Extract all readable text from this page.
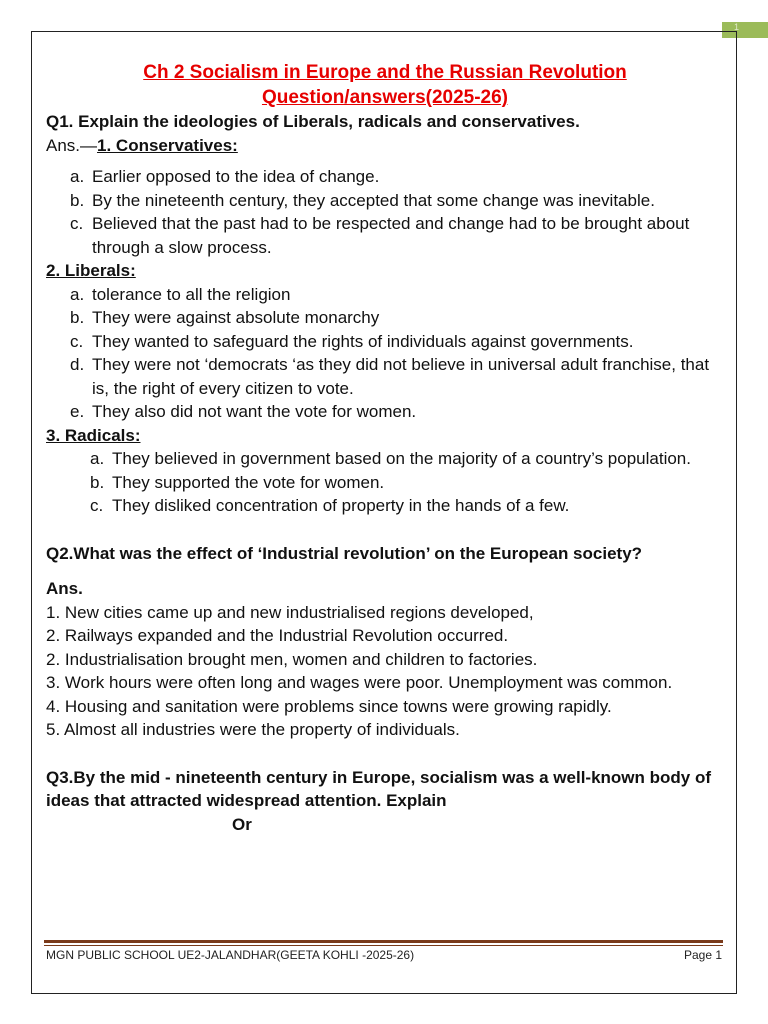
1
Ch 2 Socialism in Europe and the Russian Revolution
Question/answers(2025-26)

Q1. Explain the ideologies of Liberals, radicals and conservatives.

Ans.—1. Conservatives:

a. Earlier opposed to the idea of change.
b. By the nineteenth century, they accepted that some change was inevitable.
c. Believed that the past had to be respected and change had to be brought about through a slow process.

2. Liberals:

a. tolerance to all the religion
b. They were against absolute monarchy
c. They wanted to safeguard the rights of individuals against governments.
d. They were not ‘democrats ‘as they did not believe in universal adult franchise, that is, the right of every citizen to vote.
e. They also did not want the vote for women.

3. Radicals:

a. They believed in government based on the majority of a country’s population.
b. They supported the vote for women.
c. They disliked concentration of property in the hands of a few.

Q2.What was the effect of ‘Industrial revolution’ on the European society?

Ans.

1. New cities came up and new industrialised regions developed,

2. Railways expanded and the Industrial Revolution occurred.

2. Industrialisation brought men, women and children to factories.

3. Work hours were often long and wages were poor. Unemployment was common.

4. Housing and sanitation were problems since towns were growing rapidly.

5. Almost all industries were the property of individuals.

Q3.By the mid - nineteenth century in Europe, socialism was a well-known body of ideas that attracted widespread attention. Explain

Or

MGN PUBLIC SCHOOL UE2-JALANDHAR(GEETA KOHLI -2025-26)	Page 1
